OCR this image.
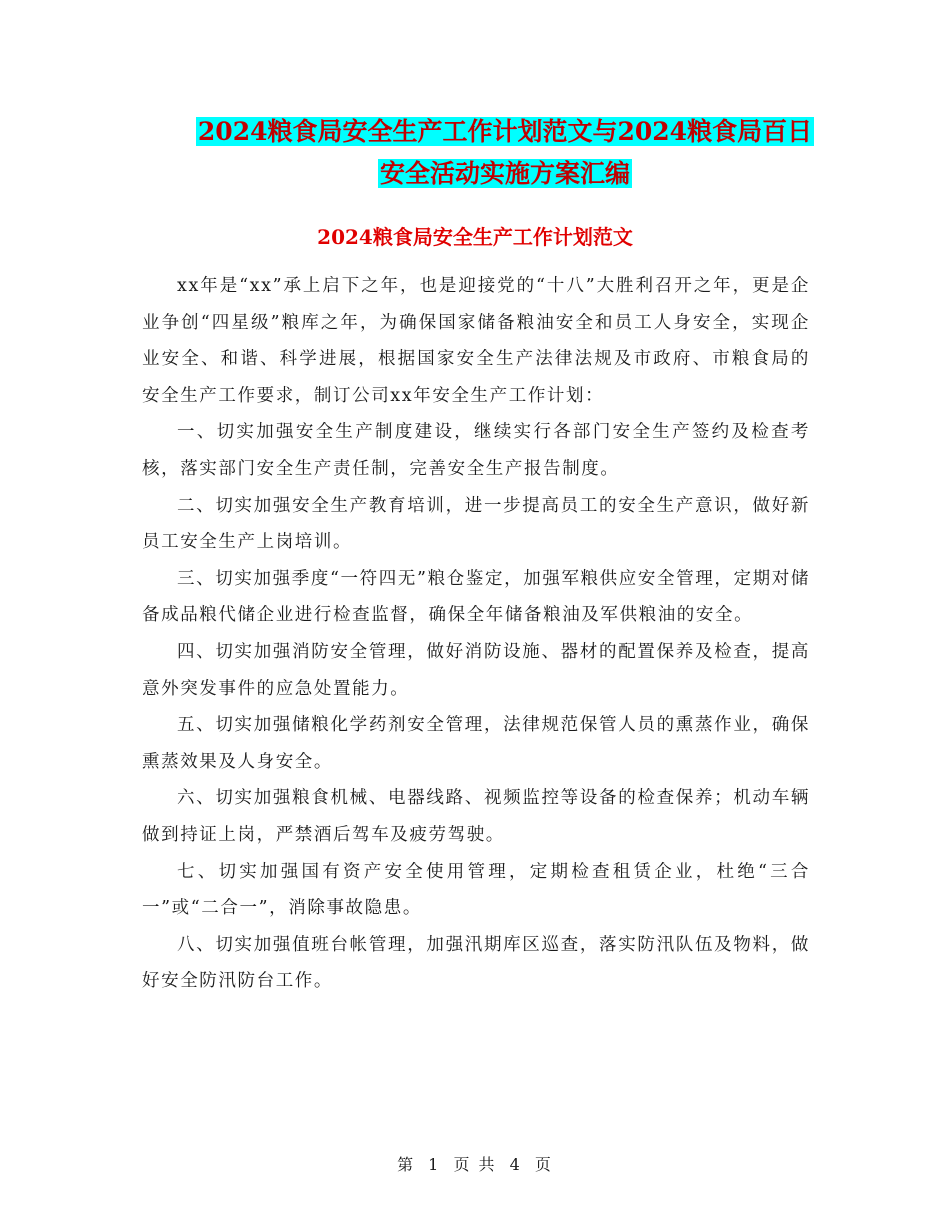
2024粮食局安全生产工作计划范文与2024粮食局百日
安全活动实施方案汇编
2024粮食局安全生产工作计划范文

xx年是“xx”承上启下之年，也是迎接党的“十八”大胜利召开之年，更是企业争创“四星级”粮库之年，为确保国家储备粮油安全和员工人身安全，实现企业安全、和谐、科学进展，根据国家安全生产法律法规及市政府、市粮食局的安全生产工作要求，制订公司xx年安全生产工作计划：

一、切实加强安全生产制度建设，继续实行各部门安全生产签约及检查考核，落实部门安全生产责任制，完善安全生产报告制度。

二、切实加强安全生产教育培训，进一步提高员工的安全生产意识，做好新员工安全生产上岗培训。

三、切实加强季度“一符四无”粮仓鉴定，加强军粮供应安全管理，定期对储备成品粮代储企业进行检查监督，确保全年储备粮油及军供粮油的安全。

四、切实加强消防安全管理，做好消防设施、器材的配置保养及检查，提高意外突发事件的应急处置能力。

五、切实加强储粮化学药剂安全管理，法律规范保管人员的熏蒸作业，确保熏蒸效果及人身安全。

六、切实加强粮食机械、电器线路、视频监控等设备的检查保养；机动车辆做到持证上岗，严禁酒后驾车及疲劳驾驶。

七、切实加强国有资产安全使用管理，定期检查租赁企业，杜绝“三合一”或“二合一”，消除事故隐患。

八、切实加强值班台帐管理，加强汛期库区巡查，落实防汛队伍及物料，做好安全防汛防台工作。

第 1 页 共 4 页
